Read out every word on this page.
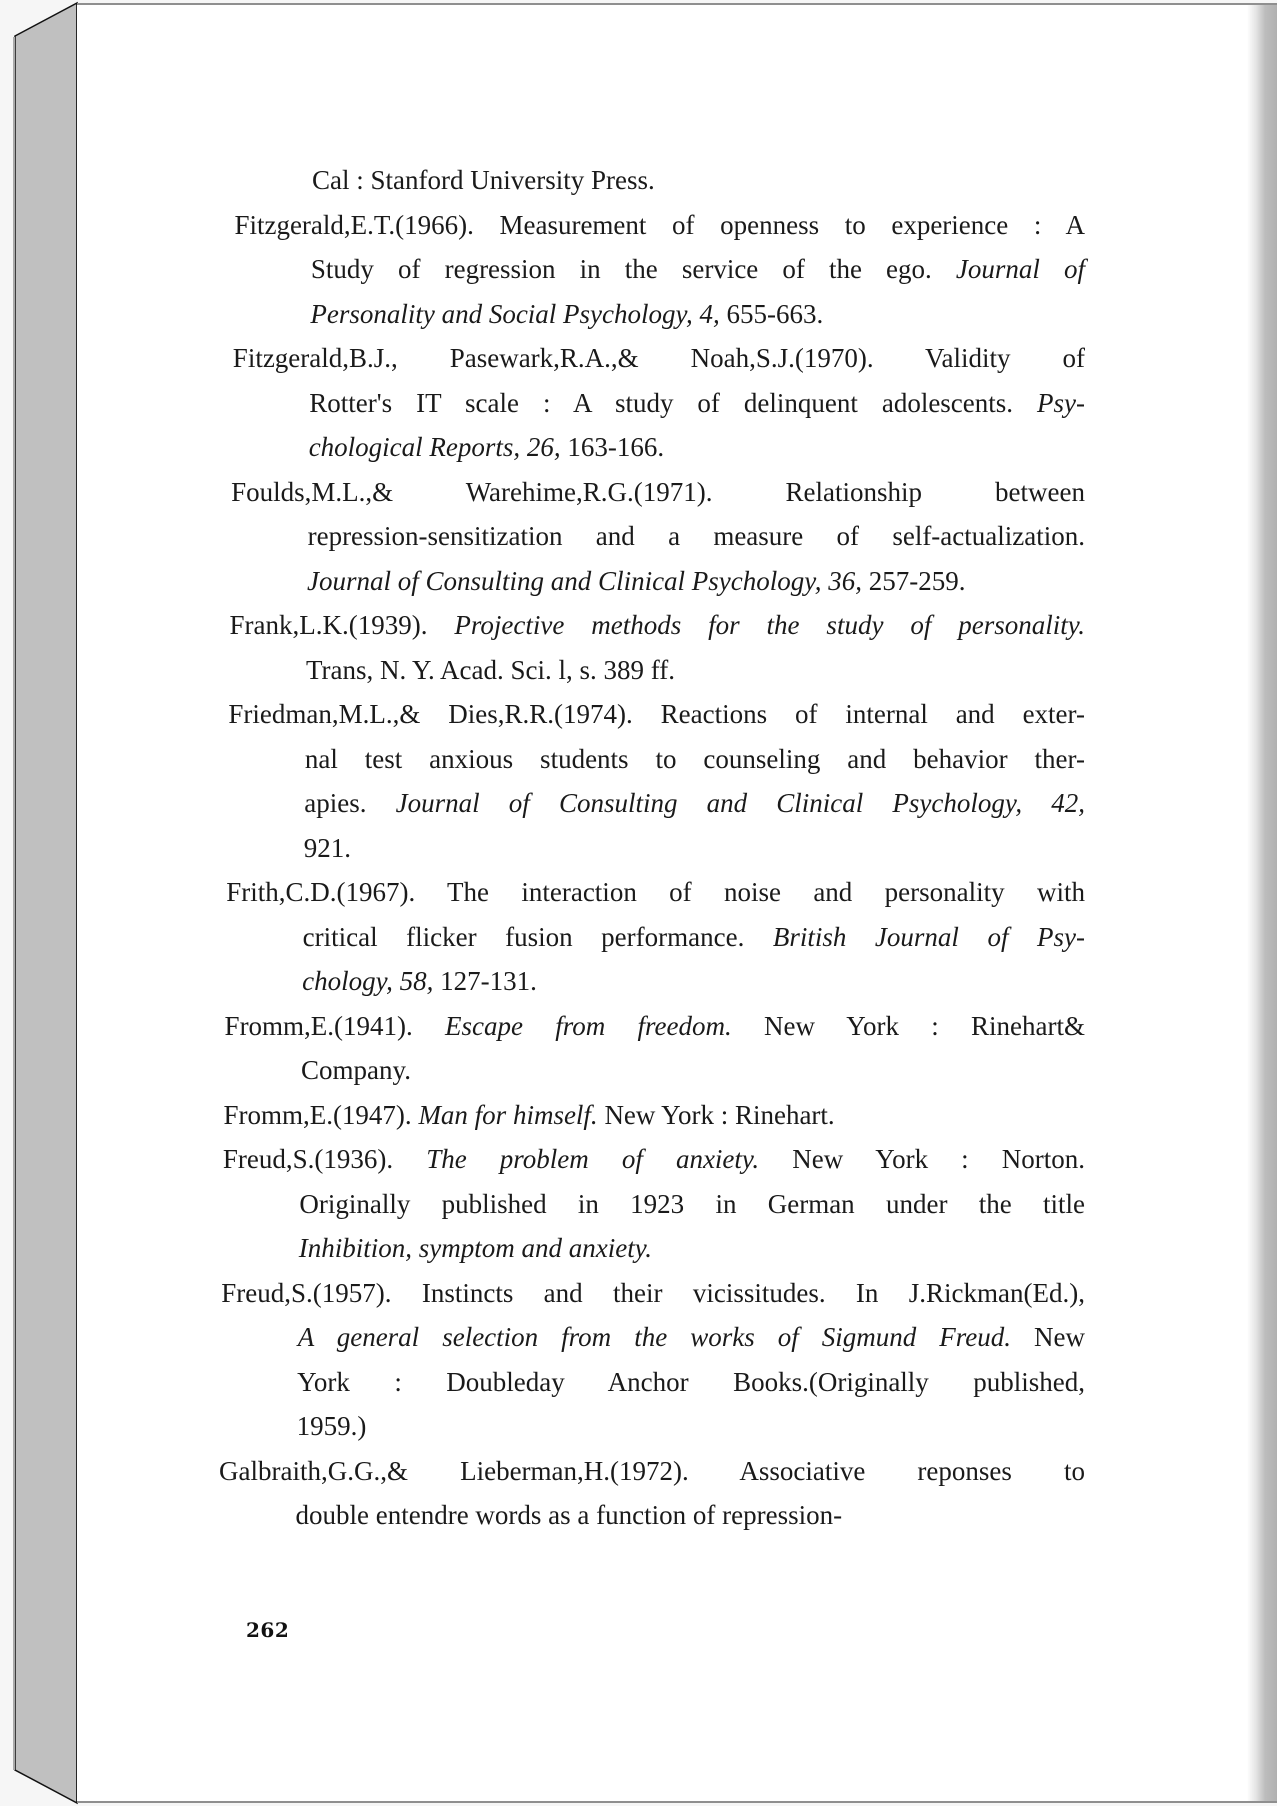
Cal : Stanford University Press.
Fitzgerald,E.T.(1966). Measurement of openness to experience : A
Study of regression in the service of the ego. Journal of
Personality and Social Psychology, 4, 655-663.
Fitzgerald,B.J., Pasewark,R.A.,& Noah,S.J.(1970). Validity of
Rotter's IT scale : A study of delinquent adolescents. Psy-
chological Reports, 26, 163-166.
Foulds,M.L.,& Warehime,R.G.(1971). Relationship between
repression-sensitization and a measure of self-actualization.
Journal of Consulting and Clinical Psychology, 36, 257-259.
Frank,L.K.(1939). Projective methods for the study of personality.
Trans, N. Y. Acad. Sci. l, s. 389 ff.
Friedman,M.L.,& Dies,R.R.(1974). Reactions of internal and exter-
nal test anxious students to counseling and behavior ther-
apies. Journal of Consulting and Clinical Psychology, 42,
921.
Frith,C.D.(1967). The interaction of noise and personality with
critical flicker fusion performance. British Journal of Psy-
chology, 58, 127-131.
Fromm,E.(1941). Escape from freedom. New York : Rinehart&
Company.
Fromm,E.(1947). Man for himself. New York : Rinehart.
Freud,S.(1936). The problem of anxiety. New York : Norton.
Originally published in 1923 in German under the title
Inhibition, symptom and anxiety.
Freud,S.(1957). Instincts and their vicissitudes. In J.Rickman(Ed.),
A general selection from the works of Sigmund Freud. New
York : Doubleday Anchor Books.(Originally published,
1959.)
Galbraith,G.G.,& Lieberman,H.(1972). Associative reponses to
double entendre words as a function of repression-
262
